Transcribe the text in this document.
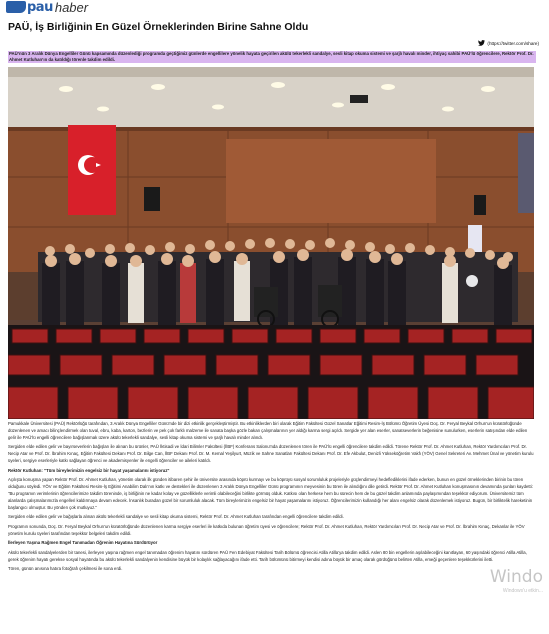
pau haber
PAÜ, İş Birliğinin En Güzel Örneklerinden Birine Sahne Oldu
(https://twitter.com/share)
PAÜ’nün 3 Aralık Dünya Engelliler Günü kapsamında düzenlediği programda geçtiğimiz günlerde engellilere yönelik hayata geçirilen akülü tekerlekli sandalye, sesli kitap okuma sistemi ve şarjlı havalı minder, ihtiyaç sahibi PAÜ’lü öğrencilere, Rektör Prof. Dr. Ahmet Kutluhan’ın da katıldığı törenle takdim edildi.

Pamukkale Üniversitesi (PAÜ) Rektörlüğü tarafından, 3 Aralık Dünya Engelliler Günü'nde bir dizi etkinlik gerçekleştirmiştir. Bu etkinliklerden biri olarak Eğitim Fakültesi Güzel Sanatlar Eğitimi Resim-İş Bölümü Öğretim Üyesi Doç. Dr. Feryal Beykal Orhun’un küratörlüğünde düzenlenen ve amacı bilinçlendirmek olan tuval, ebru, kaba, karton, bezlerin ve pek çok farklı malzeme ile sanata başka gözle bakan çalışmalarının yer aldığı karma sergi açıldı. Sergide yer alan eserler, sanatseverlerin beğenisine sunulurken, eserlerin satışından elde edilen gelir ile PAÜ’lü engelli öğrencilere bağışlanmak üzere akülü tekerlekli sandalye, sesli kitap okuma sistemi ve şarjlı havalı minder alındı.

Sergiden elde edilen gelir ve bayırseverlerin bağışları ile alınan bu ürünler, PAÜ İktisadi ve İdari Bilimler Fakültesi (İİBF) Konferans Salonu'nda düzenlenen tören ile PAÜ’lü engelli öğrencilere takdim edildi. Törene Rektör Prof. Dr. Ahmet Kutluhan, Rektör Yardımcıları Prof. Dr. Necip Atar ve Prof. Dr. İbrahim Kınaç, Eğitim Fakültesi Dekanı Prof. Dr. Bilge Can, İİBF Dekanı Prof. Dr. M. Kemal Yeşilyurt, Müzik ve Sahne Sanatları Fakültesi Dekanı Prof. Dr. Efe Akbulut, Denizli Yükseköğretim Vakfı (YÖV) Genel Sekreteri Av. Mehmet Ünal ve yönetim kurulu üyeleri, sergiye eserleriyle katkı sağlayan öğrenci ve akademisyenler ile engelli öğrenciler ve aileleri katıldı.

Rektör Kutluhan: "Tüm bireylerimizin engelsiz bir hayat yaşamalarını istiyoruz"

Açılışta konuşma yapan Rektör Prof. Dr. Ahmet Kutluhan, yönetim olarak ilk günden itibaren şehir ile üniversite arasında köprü kurmayı ve bu köprüyü sosyal sorumluluk projeleriyle güçlendirmeyi hedeflediklerini ifade ederken, bunun en güzel örneklerinden birinin bu tören olduğunu söyledi. YÖV ve Eğitim Fakültesi Resim-İş Eğitimi Anabilim Dalı’nın katkı ve destekleri ile düzenlenen 3 Aralık Dünya Engelliler Günü programının meyvesinin bu tören ile alındığını dile getirdi. Rektör Prof. Dr. Ahmet Kutluhan konuşmasının devamında şunları kaydetti: "Bu programın verimlerinin öğrencilerimize takdim töreninde, iş birliğinin ne kadar kolay ve güzelliklerle verimli olabileceğini birlikte görmüş olduk. Katkısı olan herkese hem bu sürecin hem de bu güzel takdim anlamında paylaşımından teşekkür ediyorum. Üniversitemiz tüm alanlarda çalışmalarımızla engelleri kaldırmaya devam edecek. İnsanlık buradan güzel bir sorumluluk alacak. Tüm bireylerimizin engelsiz bir hayat yaşamalarını istiyoruz. Öğrencilerimizin kullandığı her alanı engelsiz olarak düzenlemek istiyoruz. Bugün, bir birliktelik hareketinin başlangıcı olmuştur. Bu yönden çok mutluyuz."

Sergiden elde edilen gelir ve bağışlarla alınan akülü tekerlekli sandalye ve sesli kitap okuma sistemi, Rektör Prof. Dr. Ahmet Kutluhan tarafından engelli öğrencilere takdim edildi.

Programın sonunda, Doç. Dr. Feryal Beykal Orhun’un küratörlüğünde düzenlenen karma sergiye eserleri ile katkıda bulunan öğretim üyesi ve öğrencilere; Rektör Prof. Dr. Ahmet Kutluhan, Rektör Yardımcıları Prof. Dr. Necip Atar ve Prof. Dr. İbrahim Kınaç, Dekanlar ile YÖV yönetim kurulu üyeleri tarafından teşekkür belgeleri takdim edildi.

İlerleyen Yaşına Rağmen Engel Tanımadan Öğrenim Hayatına Sürdürüyor

Akülü tekerlekli sandalyelerden bir tanesi, ilerleyen yaşına rağmen engel tanımadan öğrenim hayatını sürdüren PAÜ Fen Edebiyat Fakültesi Tarih Bölümü öğrencisi Atilla Atilla’ya takdim edildi. Aslen 80 bin engellerin aşılabileceğini kanıtlayan, 60 yaşındaki öğrenci Atilla Atilla, gerek öğrenim hayatı gerekse sosyal hayatında bu akülü tekerlekli sandalyenin kendisine büyük bir kolaylık sağlayacağını ifade etti. Tarih bölümünü bitirmeyi kendisi adına büyük bir amaç olarak gördüğünü belirten Atilla, emeği geçenlere teşekkürlerini iletti.

Tören, günün anısına hatıra fotoğrafı çekilmesi ile sona erdi.	Windo
Windows'u etkin...
